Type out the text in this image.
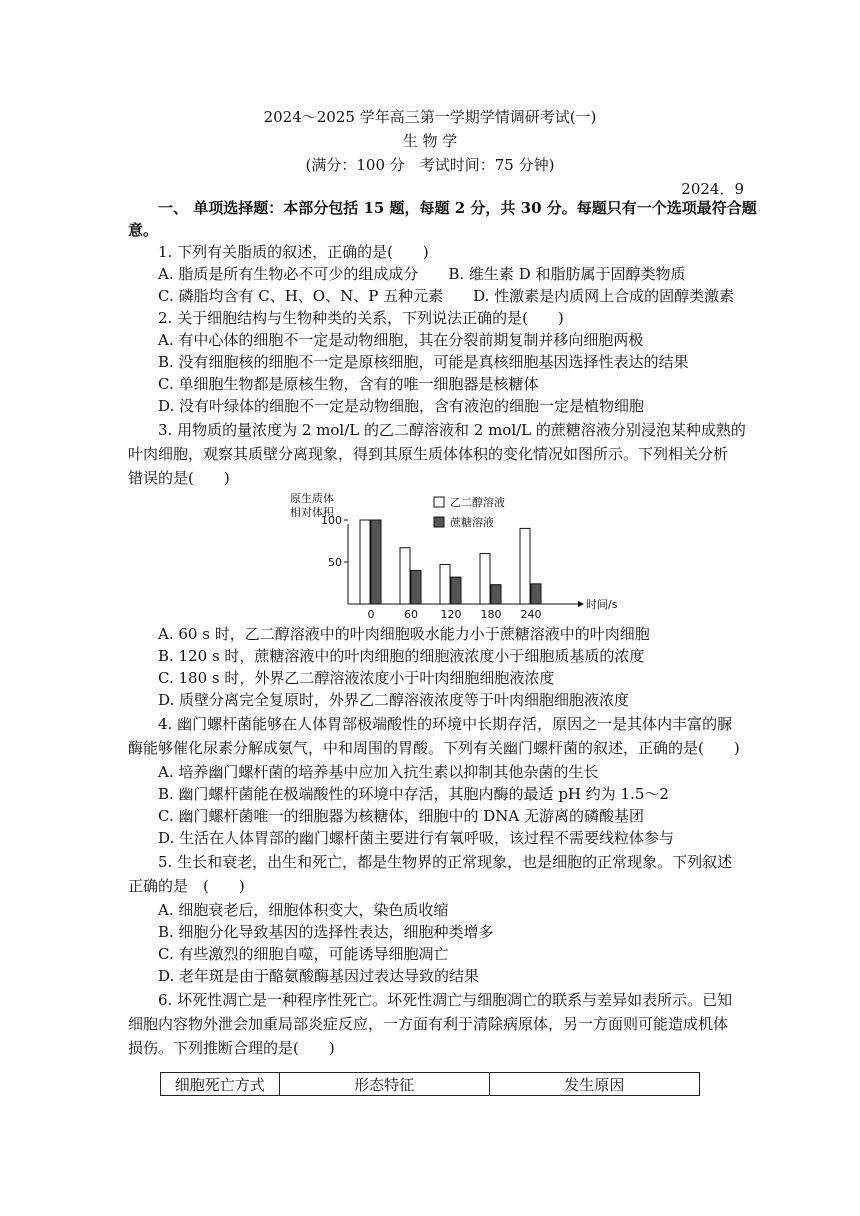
2024～2025 学年高三第一学期学情调研考试(一)
生 物 学
(满分：100 分　考试时间：75 分钟)
2024．9
一、 单项选择题：本部分包括 15 题，每题 2 分，共 30 分。每题只有一个选项最符合题
意。
1. 下列有关脂质的叙述，正确的是(　　)
A. 脂质是所有生物必不可少的组成成分　　B. 维生素 D 和脂肪属于固醇类物质
C. 磷脂均含有 C、H、O、N、P 五种元素　　D. 性激素是内质网上合成的固醇类激素
2. 关于细胞结构与生物种类的关系，下列说法正确的是(　　)
A. 有中心体的细胞不一定是动物细胞，其在分裂前期复制并移向细胞两极
B. 没有细胞核的细胞不一定是原核细胞，可能是真核细胞基因选择性表达的结果
C. 单细胞生物都是原核生物，含有的唯一细胞器是核糖体
D. 没有叶绿体的细胞不一定是动物细胞，含有液泡的细胞一定是植物细胞
3. 用物质的量浓度为 2 mol/L 的乙二醇溶液和 2 mol/L 的蔗糖溶液分别浸泡某种成熟的
叶肉细胞，观察其质壁分离现象，得到其原生质体体积的变化情况如图所示。下列相关分析
错误的是(　　)
原生质体
相对体积
100
50
0	60 120 180 240
时间/s
乙二醇溶液
蔗糖溶液
A. 60 s 时，乙二醇溶液中的叶肉细胞吸水能力小于蔗糖溶液中的叶肉细胞
B. 120 s 时，蔗糖溶液中的叶肉细胞的细胞液浓度小于细胞质基质的浓度
C. 180 s 时，外界乙二醇溶液浓度小于叶肉细胞细胞液浓度
D. 质壁分离完全复原时，外界乙二醇溶液浓度等于叶肉细胞细胞液浓度
4. 幽门螺杆菌能够在人体胃部极端酸性的环境中长期存活，原因之一是其体内丰富的脲
酶能够催化尿素分解成氨气，中和周围的胃酸。下列有关幽门螺杆菌的叙述，正确的是(　　)
A. 培养幽门螺杆菌的培养基中应加入抗生素以抑制其他杂菌的生长
B. 幽门螺杆菌能在极端酸性的环境中存活，其胞内酶的最适 pH 约为 1.5～2
C. 幽门螺杆菌唯一的细胞器为核糖体，细胞中的 DNA 无游离的磷酸基团
D. 生活在人体胃部的幽门螺杆菌主要进行有氧呼吸，该过程不需要线粒体参与
5. 生长和衰老，出生和死亡，都是生物界的正常现象，也是细胞的正常现象。下列叙述
正确的是　(　　)
A. 细胞衰老后，细胞体积变大，染色质收缩
B. 细胞分化导致基因的选择性表达，细胞种类增多
C. 有些激烈的细胞自噬，可能诱导细胞凋亡
D. 老年斑是由于酪氨酸酶基因过表达导致的结果
6. 坏死性凋亡是一种程序性死亡。坏死性凋亡与细胞凋亡的联系与差异如表所示。已知
细胞内容物外泄会加重局部炎症反应，一方面有利于清除病原体，另一方面则可能造成机体
损伤。下列推断合理的是(　　)
细胞死亡方式	形态特征	发生原因
